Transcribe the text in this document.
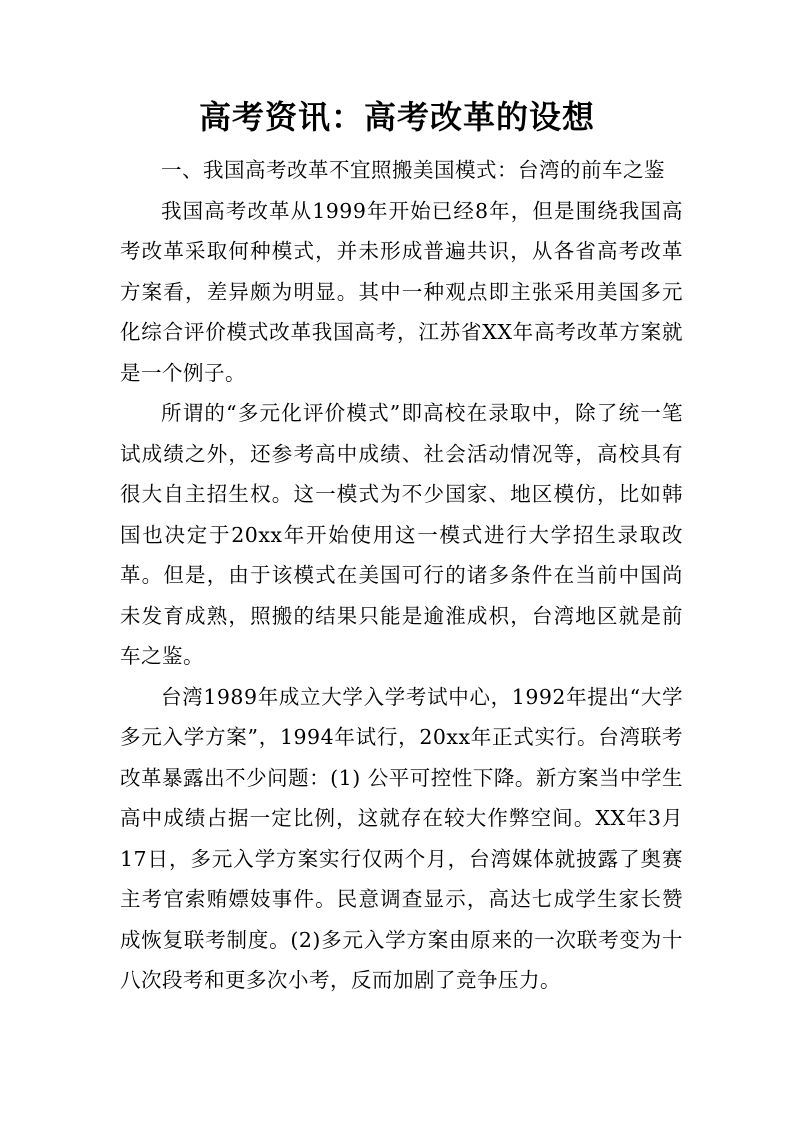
高考资讯：高考改革的设想

一、我国高考改革不宜照搬美国模式：台湾的前车之鉴

我国高考改革从1999年开始已经8年，但是围绕我国高考改革采取何种模式，并未形成普遍共识，从各省高考改革方案看，差异颇为明显。其中一种观点即主张采用美国多元化综合评价模式改革我国高考，江苏省XX年高考改革方案就是一个例子。

所谓的“多元化评价模式”即高校在录取中，除了统一笔试成绩之外，还参考高中成绩、社会活动情况等，高校具有很大自主招生权。这一模式为不少国家、地区模仿，比如韩国也决定于20xx年开始使用这一模式进行大学招生录取改革。但是，由于该模式在美国可行的诸多条件在当前中国尚未发育成熟，照搬的结果只能是逾淮成枳，台湾地区就是前车之鉴。

台湾1989年成立大学入学考试中心，1992年提出“大学多元入学方案”，1994年试行，20xx年正式实行。台湾联考改革暴露出不少问题：(1) 公平可控性下降。新方案当中学生高中成绩占据一定比例，这就存在较大作弊空间。XX年3月17日，多元入学方案实行仅两个月，台湾媒体就披露了奥赛主考官索贿嫖妓事件。民意调查显示，高达七成学生家长赞成恢复联考制度。(2)多元入学方案由原来的一次联考变为十八次段考和更多次小考，反而加剧了竞争压力。
